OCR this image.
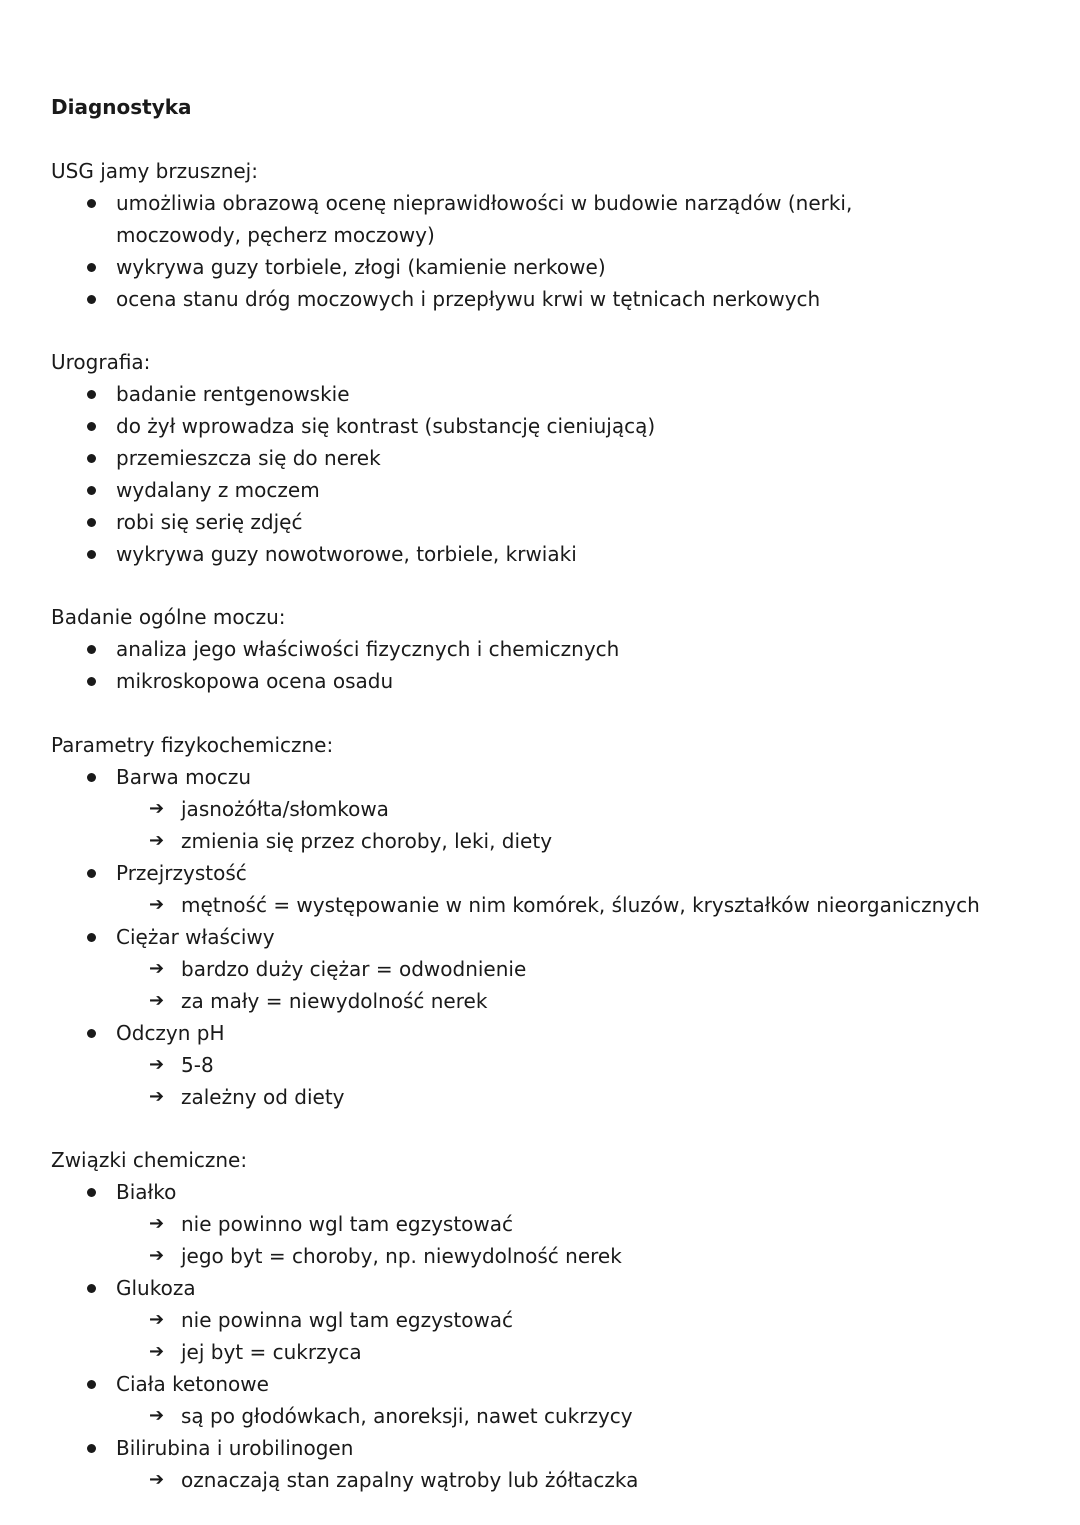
Diagnostyka
USG jamy brzusznej:
umożliwia obrazową ocenę nieprawidłowości w budowie narządów (nerki, moczowody, pęcherz moczowy)
wykrywa guzy torbiele, złogi (kamienie nerkowe)
ocena stanu dróg moczowych i przepływu krwi w tętnicach nerkowych
Urografia:
badanie rentgenowskie
do żył wprowadza się kontrast (substancję cieniującą)
przemieszcza się do nerek
wydalany z moczem
robi się serię zdjęć
wykrywa guzy nowotworowe, torbiele, krwiaki
Badanie ogólne moczu:
analiza jego właściwości fizycznych i chemicznych
mikroskopowa ocena osadu
Parametry fizykochemiczne:
Barwa moczu
➔ jasnożółta/słomkowa
➔ zmienia się przez choroby, leki, diety
Przejrzystość
➔ mętność = występowanie w nim komórek, śluzów, kryształków nieorganicznych
Ciężar właściwy
➔ bardzo duży ciężar = odwodnienie
➔ za mały = niewydolność nerek
Odczyn pH
➔ 5-8
➔ zależny od diety
Związki chemiczne:
Białko
➔ nie powinno wgl tam egzystować
➔ jego byt = choroby, np. niewydolność nerek
Glukoza
➔ nie powinna wgl tam egzystować
➔ jej byt = cukrzyca
Ciała ketonowe
➔ są po głodówkach, anoreksji, nawet cukrzycy
Bilirubina i urobilinogen
➔ oznaczają stan zapalny wątroby lub żółtaczka
